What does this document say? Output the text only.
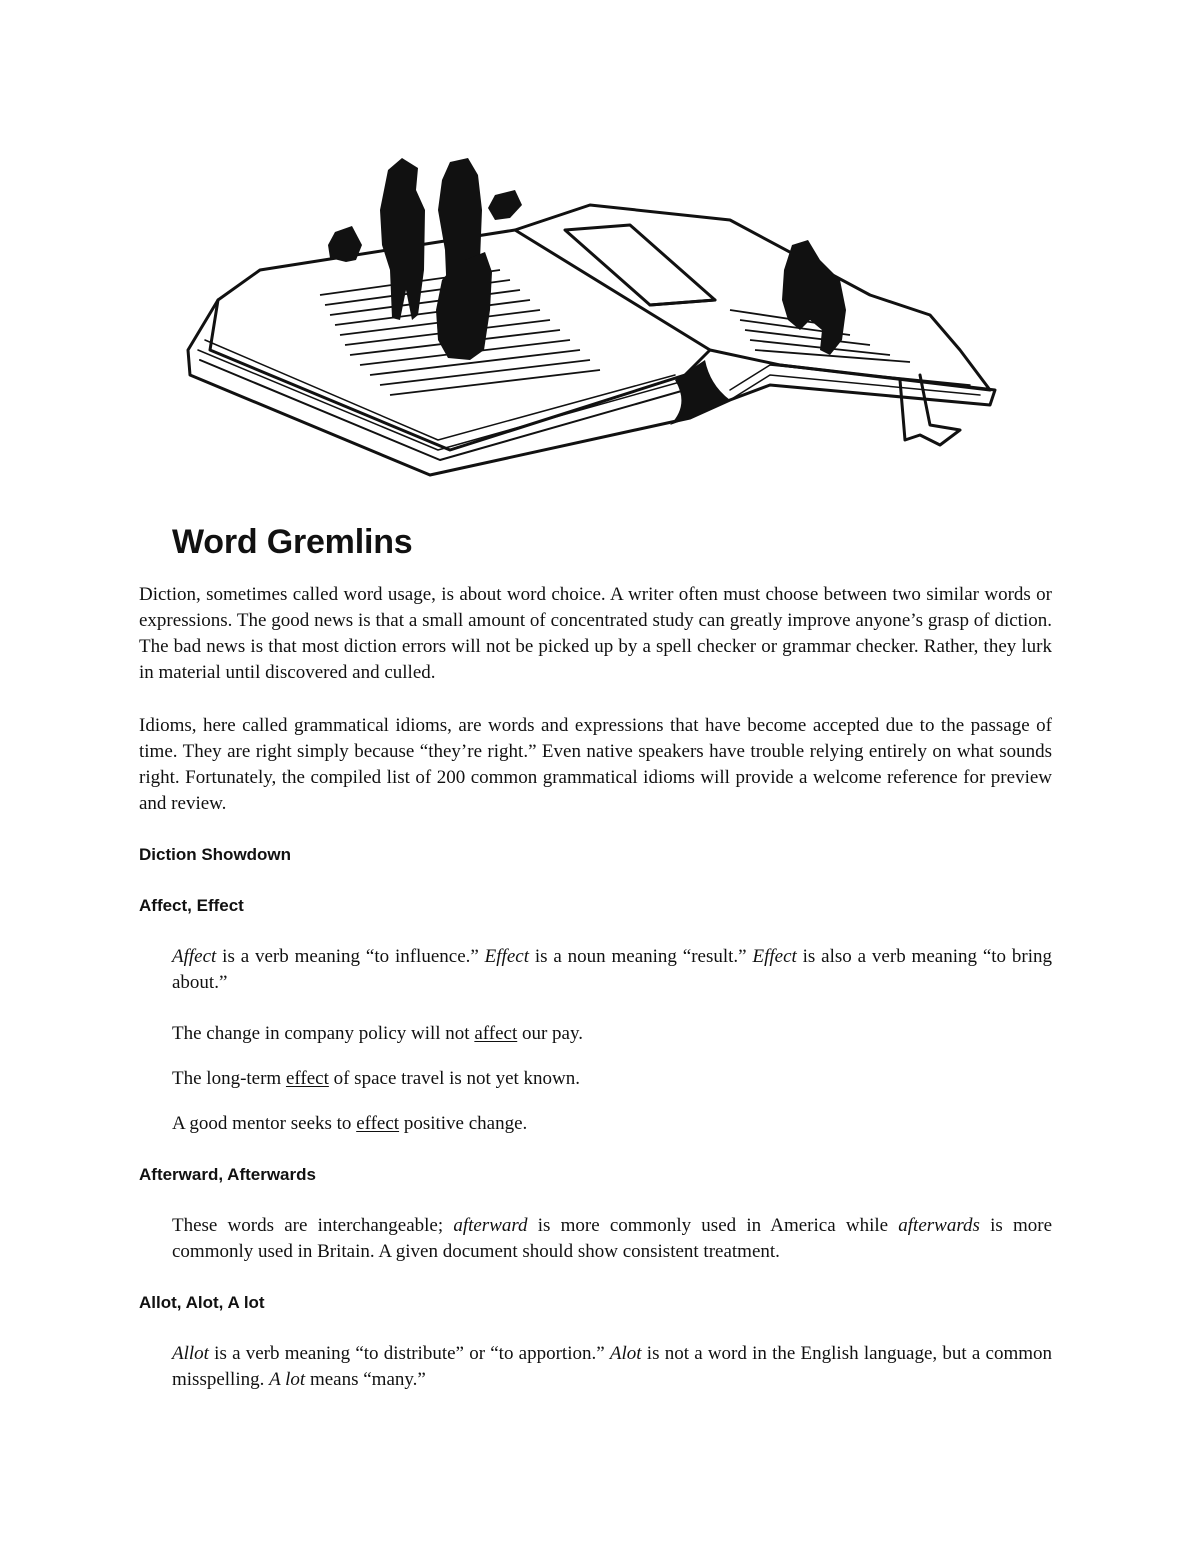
Word Gremlins

Diction, sometimes called word usage, is about word choice. A writer often must choose between two similar words or expressions. The good news is that a small amount of concentrated study can greatly improve anyone’s grasp of diction. The bad news is that most diction errors will not be picked up by a spell checker or grammar checker. Rather, they lurk in material until discovered and culled.

Idioms, here called grammatical idioms, are words and expressions that have become accepted due to the passage of time. They are right simply because “they’re right.” Even native speakers have trouble relying entirely on what sounds right. Fortunately, the compiled list of 200 common grammatical idioms will provide a welcome reference for preview and review.

Diction Showdown

Affect, Effect

Affect is a verb meaning “to influence.” Effect is a noun meaning “result.” Effect is also a verb meaning “to bring about.”

The change in company policy will not affect our pay.

The long-term effect of space travel is not yet known.

A good mentor seeks to effect positive change.

Afterward, Afterwards

These words are interchangeable; afterward is more commonly used in America while afterwards is more commonly used in Britain. A given document should show consistent treatment.

Allot, Alot, A lot

Allot is a verb meaning “to distribute” or “to apportion.” Alot is not a word in the English language, but a common misspelling. A lot means “many.”
